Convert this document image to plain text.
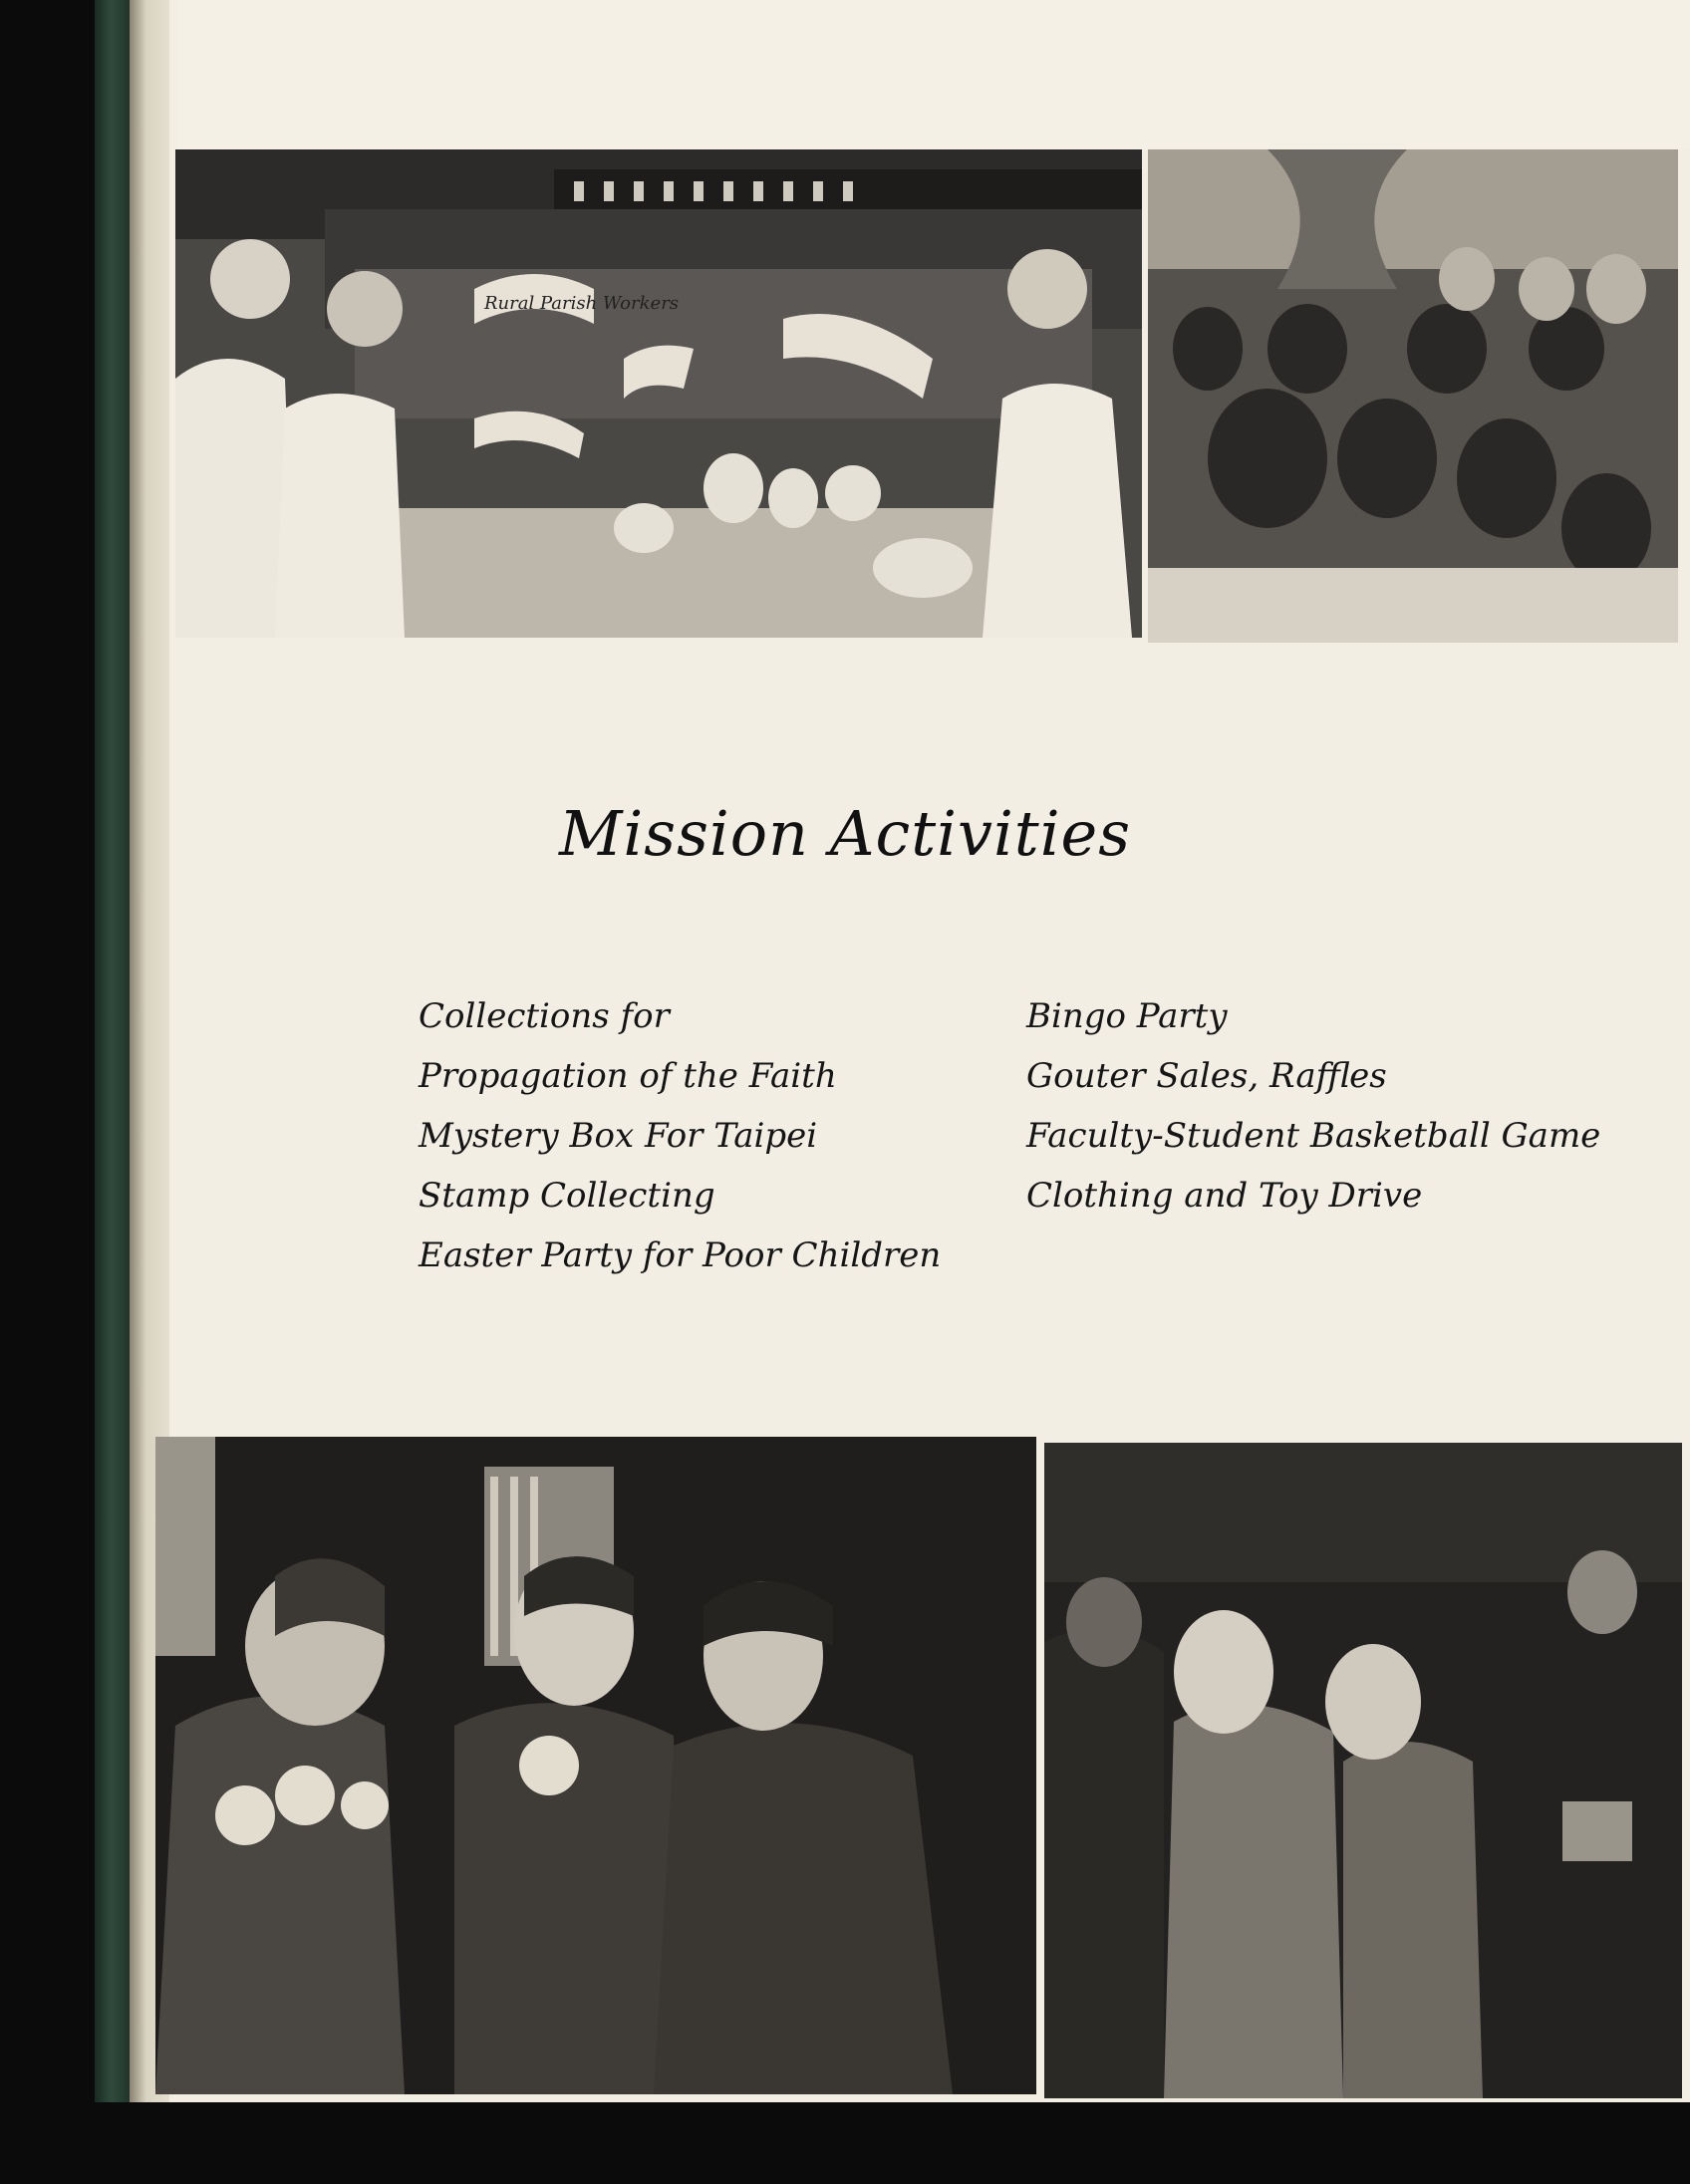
Rural Parish Workers
Mission Activities
Collections for
Propagation of the Faith
Mystery Box For Taipei
Stamp Collecting
Easter Party for Poor Children
Bingo Party
Gouter Sales, Raffles
Faculty-Student Basketball Game
Clothing and Toy Drive
